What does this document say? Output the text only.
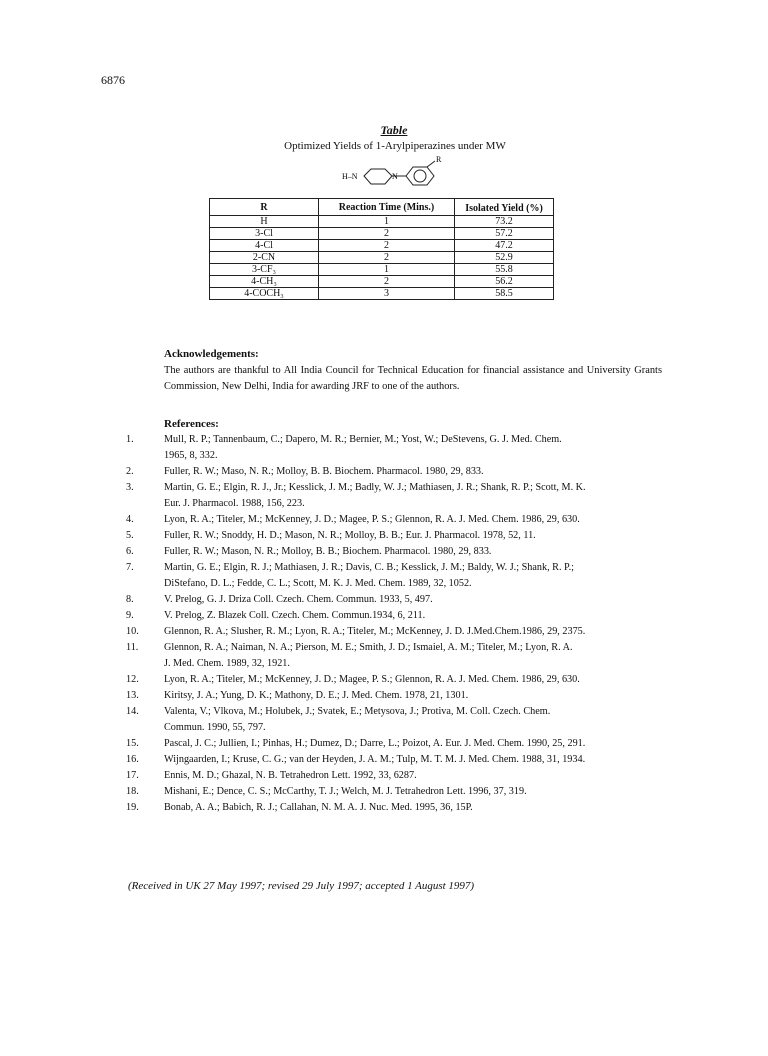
6876
Table
Optimized Yields of 1-Arylpiperazines under MW
H–N	N
R
R	Reaction Time (Mins.)	Isolated Yield (%)
H	1	73.2
3-Cl	2	57.2
4-Cl	2	47.2
2-CN	2	52.9
3-CF₃	1	55.8
4-CH₃	2	56.2
4-COCH₃	3	58.5
Acknowledgements:
The authors are thankful to All India Council for Technical Education for financial assistance and University Grants Commission, New Delhi, India for awarding JRF to one of the authors.
References:
1.	Mull, R. P.; Tannenbaum, C.; Dapero, M. R.; Bernier, M.; Yost, W.; DeStevens, G. J. Med. Chem.
1965, 8, 332.
2.	Fuller, R. W.; Maso, N. R.; Molloy, B. B. Biochem. Pharmacol. 1980, 29, 833.
3.	Martin, G. E.; Elgin, R. J., Jr.; Kesslick, J. M.; Badly, W. J.; Mathiasen, J. R.; Shank, R. P.; Scott, M. K.
Eur. J. Pharmacol. 1988, 156, 223.
4.	Lyon, R. A.; Titeler, M.; McKenney, J. D.; Magee, P. S.; Glennon, R. A. J. Med. Chem. 1986, 29, 630.
5.	Fuller, R. W.; Snoddy, H. D.; Mason, N. R.; Molloy, B. B.; Eur. J. Pharmacol. 1978, 52, 11.
6.	Fuller, R. W.; Mason, N. R.; Molloy, B. B.; Biochem. Pharmacol. 1980, 29, 833.
7.	Martin, G. E.; Elgin, R. J.; Mathiasen, J. R.; Davis, C. B.; Kesslick, J. M.; Baldy, W. J.; Shank, R. P.;
DiStefano, D. L.; Fedde, C. L.; Scott, M. K. J. Med. Chem. 1989, 32, 1052.
8.	V. Prelog, G. J. Driza Coll. Czech. Chem. Commun. 1933, 5, 497.
9.	V. Prelog, Z. Blazek Coll. Czech. Chem. Commun.1934, 6, 211.
10. Glennon, R. A.; Slusher, R. M.; Lyon, R. A.; Titeler, M.; McKenney, J. D. J.Med.Chem.1986, 29, 2375.
11.	Glennon, R. A.; Naiman, N. A.; Pierson, M. E.; Smith, J. D.; Ismaiel, A. M.; Titeler, M.; Lyon, R. A.
J. Med. Chem. 1989, 32, 1921.
12. Lyon, R. A.; Titeler, M.; McKenney, J. D.; Magee, P. S.; Glennon, R. A. J. Med. Chem. 1986, 29, 630.
13. Kiritsy, J. A.; Yung, D. K.; Mathony, D. E.; J. Med. Chem. 1978, 21, 1301.
14. Valenta, V.; Vlkova, M.; Holubek, J.; Svatek, E.; Metysova, J.; Protiva, M. Coll. Czech. Chem.
Commun. 1990, 55, 797.
15. Pascal, J. C.; Jullien, I.; Pinhas, H.; Dumez, D.; Darre, L.; Poizot, A. Eur. J. Med. Chem. 1990, 25, 291.
16. Wijngaarden, I.; Kruse, C. G.; van der Heyden, J. A. M.; Tulp, M. T. M. J. Med. Chem. 1988, 31, 1934.
17. Ennis, M. D.; Ghazal, N. B. Tetrahedron Lett. 1992, 33, 6287.
18. Mishani, E.; Dence, C. S.; McCarthy, T. J.; Welch, M. J. Tetrahedron Lett. 1996, 37, 319.
19. Bonab, A. A.; Babich, R. J.; Callahan, N. M. A. J. Nuc. Med. 1995, 36, 15P.
(Received in UK 27 May 1997; revised 29 July 1997; accepted 1 August 1997)
